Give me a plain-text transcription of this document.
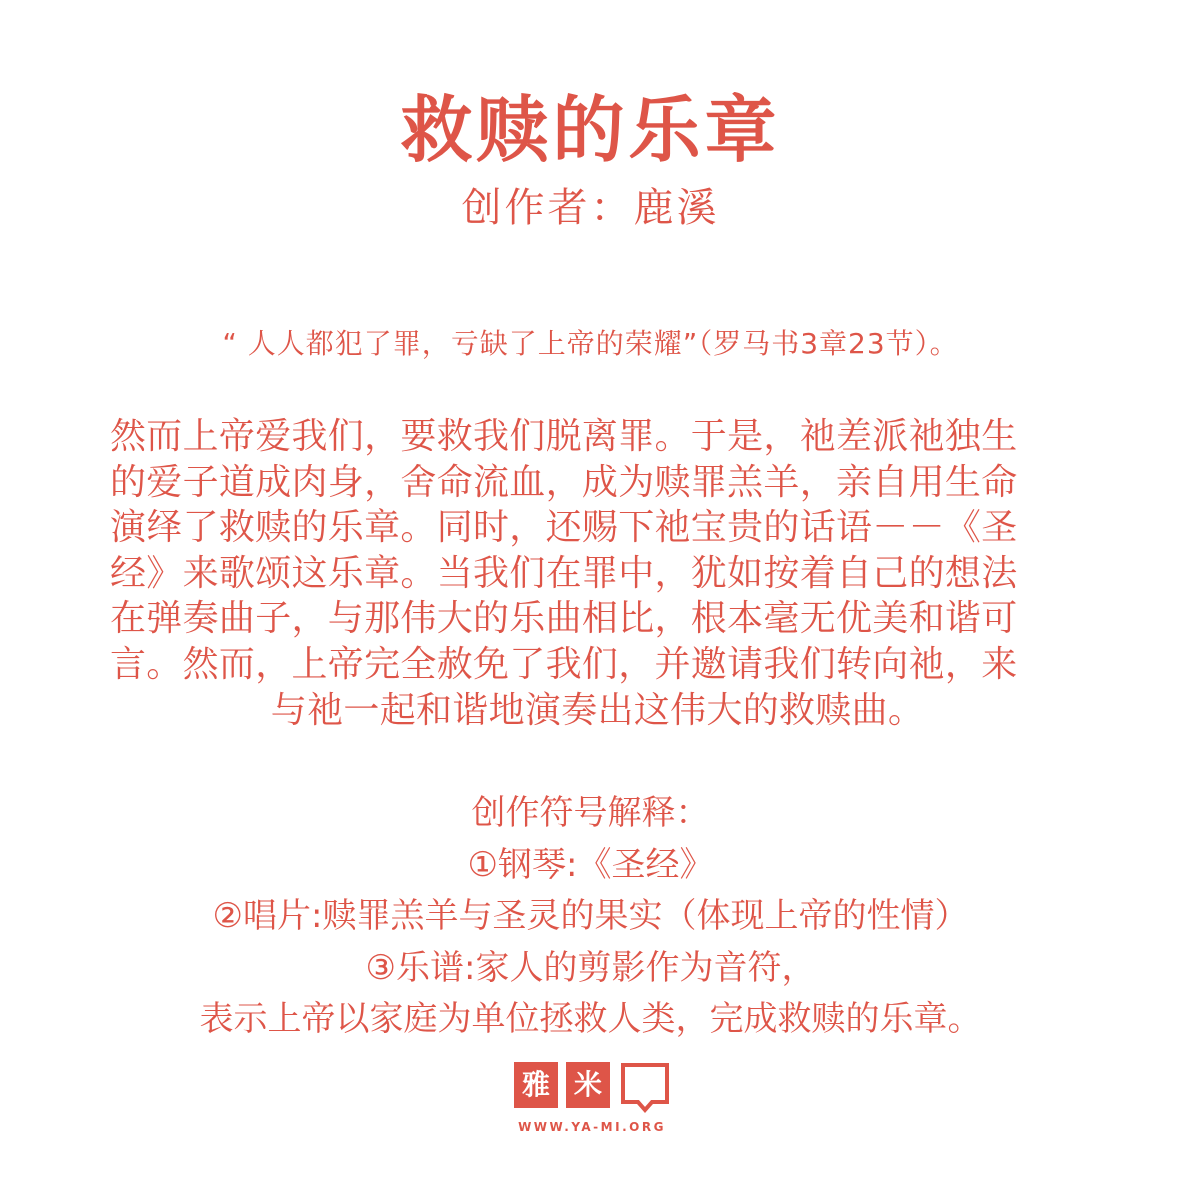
救赎的乐章
创作者：鹿溪
“ 人人都犯了罪，亏缺了上帝的荣耀”（罗马书3章23节）。
然而上帝爱我们，要救我们脱离罪。于是，祂差派祂独生
的爱子道成肉身，舍命流血，成为赎罪羔羊，亲自用生命
演绎了救赎的乐章。同时，还赐下祂宝贵的话语－－《圣
经》来歌颂这乐章。当我们在罪中，犹如按着自己的想法
在弹奏曲子，与那伟大的乐曲相比，根本毫无优美和谐可
言。然而，上帝完全赦免了我们，并邀请我们转向祂，来
与祂一起和谐地演奏出这伟大的救赎曲。
创作符号解释：
①钢琴:《圣经》
②唱片:赎罪羔羊与圣灵的果实（体现上帝的性情）
③乐谱:家人的剪影作为音符，
表示上帝以家庭为单位拯救人类，完成救赎的乐章。
雅 米
WWW.YA-MI.ORG
